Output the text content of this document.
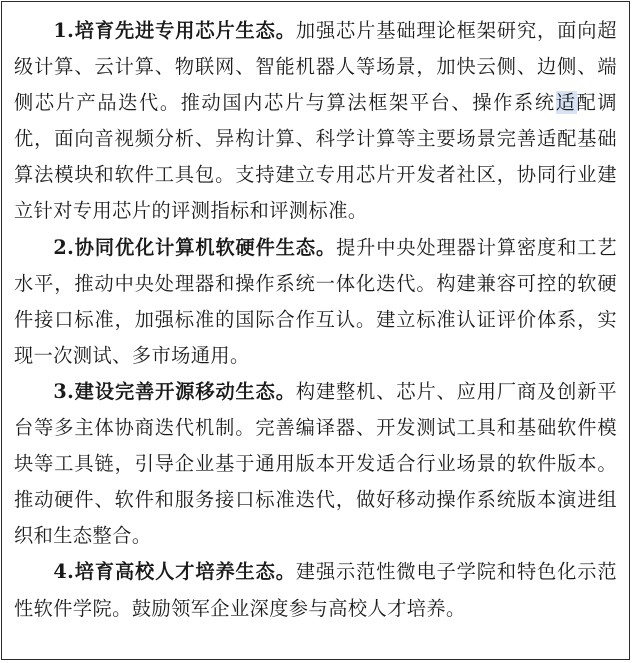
1.培育先进专用芯片生态。加强芯片基础理论框架研究，面向超级计算、云计算、物联网、智能机器人等场景，加快云侧、边侧、端侧芯片产品迭代。推动国内芯片与算法框架平台、操作系统适配调优，面向音视频分析、异构计算、科学计算等主要场景完善适配基础算法模块和软件工具包。支持建立专用芯片开发者社区，协同行业建立针对专用芯片的评测指标和评测标准。

2.协同优化计算机软硬件生态。提升中央处理器计算密度和工艺水平，推动中央处理器和操作系统一体化迭代。构建兼容可控的软硬件接口标准，加强标准的国际合作互认。建立标准认证评价体系，实现一次测试、多市场通用。

3.建设完善开源移动生态。构建整机、芯片、应用厂商及创新平台等多主体协商迭代机制。完善编译器、开发测试工具和基础软件模块等工具链，引导企业基于通用版本开发适合行业场景的软件版本。推动硬件、软件和服务接口标准迭代，做好移动操作系统版本演进组织和生态整合。

4.培育高校人才培养生态。建强示范性微电子学院和特色化示范性软件学院。鼓励领军企业深度参与高校人才培养。
